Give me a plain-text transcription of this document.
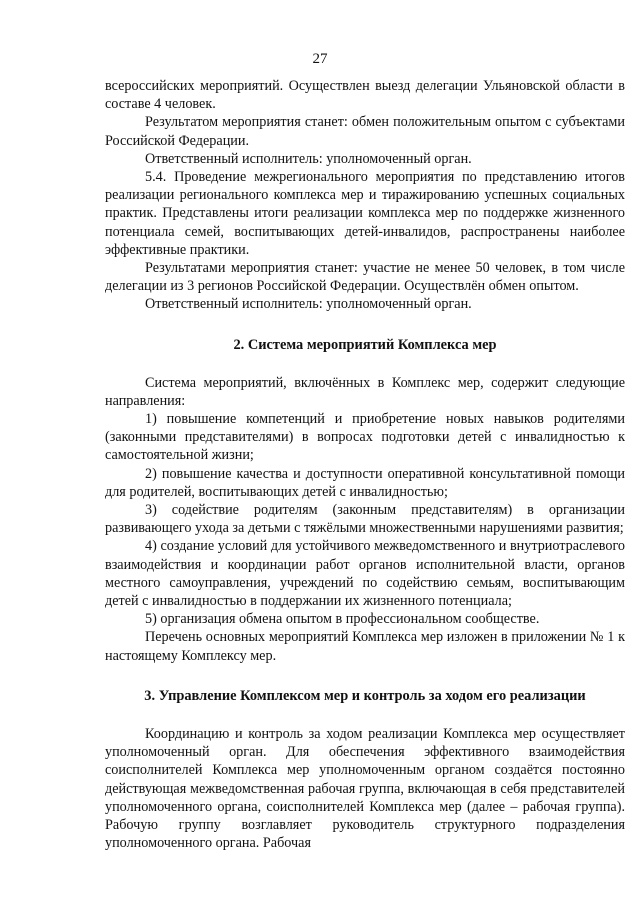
27

всероссийских мероприятий. Осуществлен выезд делегации Ульяновской области в составе 4 человек.

Результатом мероприятия станет: обмен положительным опытом с субъектами Российской Федерации.

Ответственный исполнитель: уполномоченный орган.

5.4. Проведение межрегионального мероприятия по представлению итогов реализации регионального комплекса мер и тиражированию успешных социальных практик. Представлены итоги реализации комплекса мер по поддержке жизненного потенциала семей, воспитывающих детей-инвалидов, распространены наиболее эффективные практики.

Результатами мероприятия станет: участие не менее 50 человек, в том числе делегации из 3 регионов Российской Федерации. Осуществлён обмен опытом.

Ответственный исполнитель: уполномоченный орган.

2. Система мероприятий Комплекса мер

Система мероприятий, включённых в Комплекс мер, содержит следующие направления:

1) повышение компетенций и приобретение новых навыков родителями (законными представителями) в вопросах подготовки детей с инвалидностью к самостоятельной жизни;

2) повышение качества и доступности оперативной консультативной помощи для родителей, воспитывающих детей с инвалидностью;

3) содействие родителям (законным представителям) в организации развивающего ухода за детьми с тяжёлыми множественными нарушениями развития;

4) создание условий для устойчивого межведомственного и внутриотраслевого взаимодействия и координации работ органов исполнительной власти, органов местного самоуправления, учреждений по содействию семьям, воспитывающим детей с инвалидностью в поддержании их жизненного потенциала;

5) организация обмена опытом в профессиональном сообществе.

Перечень основных мероприятий Комплекса мер изложен в приложении № 1 к настоящему Комплексу мер.

3. Управление Комплексом мер и контроль за ходом его реализации

Координацию и контроль за ходом реализации Комплекса мер осуществляет уполномоченный орган. Для обеспечения эффективного взаимодействия соисполнителей Комплекса мер уполномоченным органом создаётся постоянно действующая межведомственная рабочая группа, включающая в себя представителей уполномоченного органа, соисполнителей Комплекса мер (далее – рабочая группа). Рабочую группу возглавляет руководитель структурного подразделения уполномоченного органа. Рабочая
